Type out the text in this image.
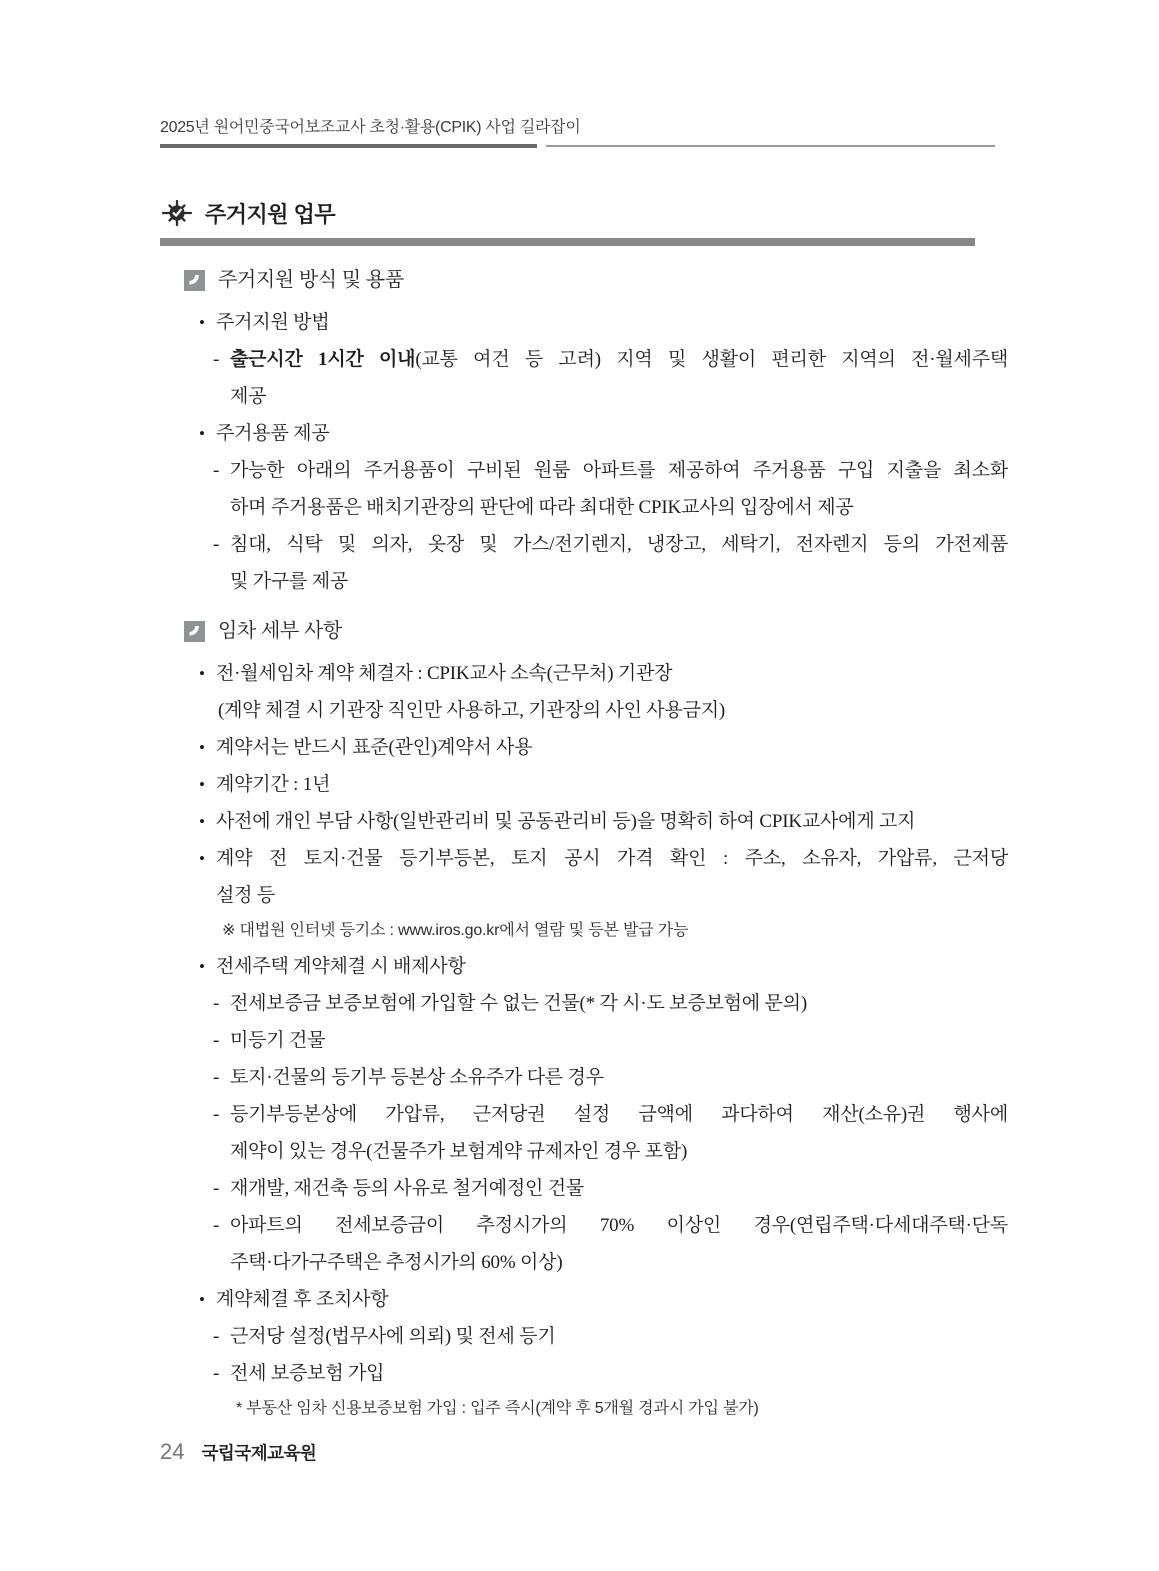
2025년 원어민중국어보조교사 초청·활용(CPIK) 사업 길라잡이
주거지원 업무
주거지원 방식 및 용품
• 주거지원 방법
- 출근시간 1시간 이내(교통 여건 등 고려) 지역 및 생활이 편리한 지역의 전·월세주택
제공
• 주거용품 제공
- 가능한 아래의 주거용품이 구비된 원룸 아파트를 제공하여 주거용품 구입 지출을 최소화
하며 주거용품은 배치기관장의 판단에 따라 최대한 CPIK교사의 입장에서 제공
- 침대, 식탁 및 의자, 옷장 및 가스/전기렌지, 냉장고, 세탁기, 전자렌지 등의 가전제품
및 가구를 제공
임차 세부 사항
• 전·월세임차 계약 체결자 : CPIK교사 소속(근무처) 기관장
(계약 체결 시 기관장 직인만 사용하고, 기관장의 사인 사용금지)
• 계약서는 반드시 표준(관인)계약서 사용
• 계약기간 : 1년
• 사전에 개인 부담 사항(일반관리비 및 공동관리비 등)을 명확히 하여 CPIK교사에게 고지
• 계약 전 토지·건물 등기부등본, 토지 공시 가격 확인 : 주소, 소유자, 가압류, 근저당
설정 등
※ 대법원 인터넷 등기소 : www.iros.go.kr에서 열람 및 등본 발급 가능
• 전세주택 계약체결 시 배제사항
- 전세보증금 보증보험에 가입할 수 없는 건물(* 각 시·도 보증보험에 문의)
- 미등기 건물
- 토지·건물의 등기부 등본상 소유주가 다른 경우
- 등기부등본상에 가압류, 근저당권 설정 금액에 과다하여 재산(소유)권 행사에
제약이 있는 경우(건물주가 보험계약 규제자인 경우 포함)
- 재개발, 재건축 등의 사유로 철거예정인 건물
- 아파트의 전세보증금이 추정시가의 70% 이상인 경우(연립주택·다세대주택·단독
주택·다가구주택은 추정시가의 60% 이상)
• 계약체결 후 조치사항
- 근저당 설정(법무사에 의뢰) 및 전세 등기
- 전세 보증보험 가입
* 부동산 임차 신용보증보험 가입 : 입주 즉시(계약 후 5개월 경과시 가입 불가)
24 국립국제교육원
